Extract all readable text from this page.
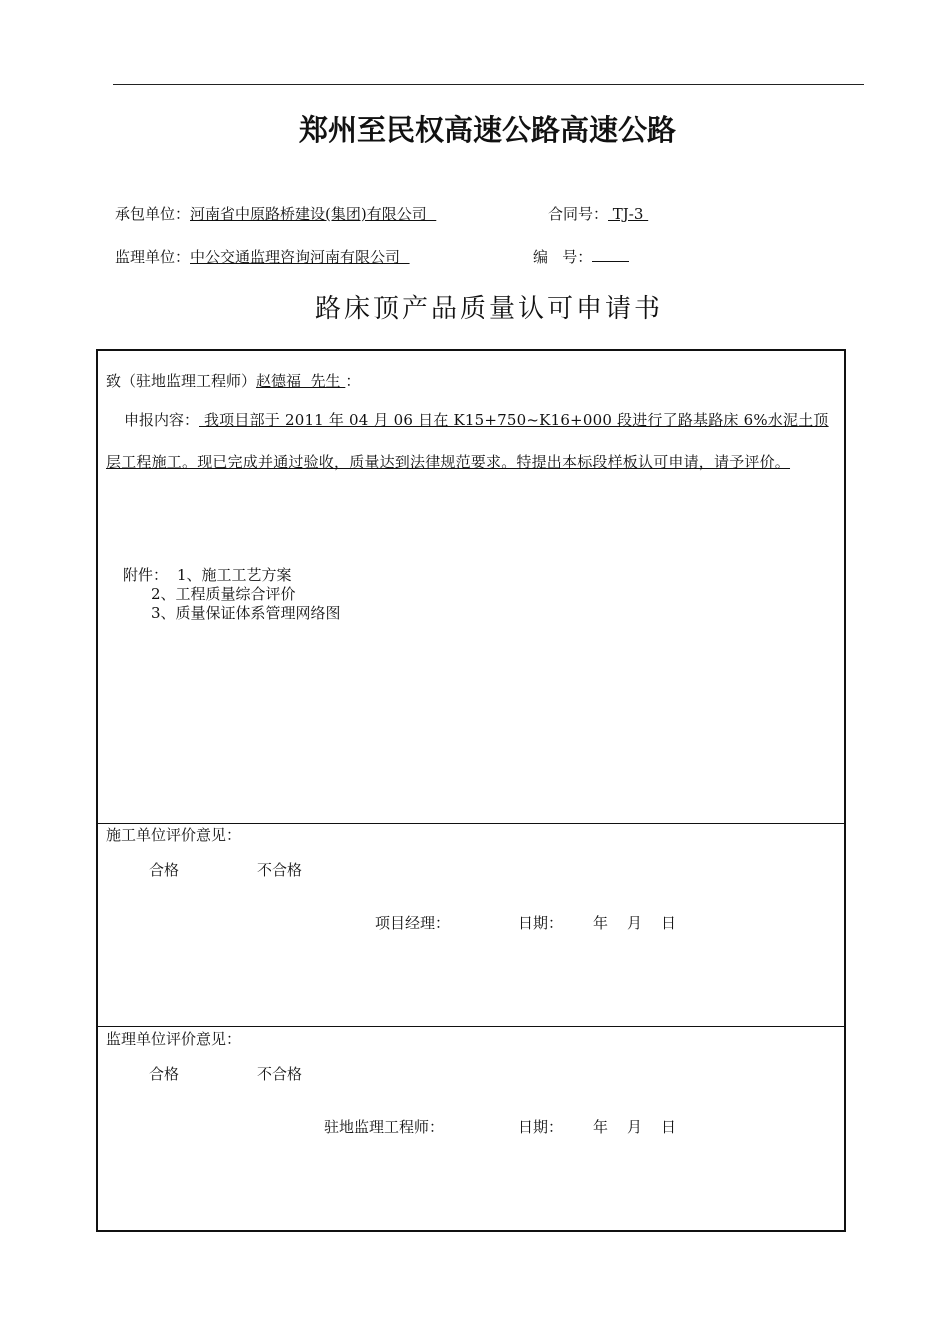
郑州至民权高速公路高速公路
承包单位：河南省中原路桥建设(集团)有限公司	合同号： TJ-3
监理单位：中公交通监理咨询河南有限公司	编   号：
路床顶产品质量认可申请书
致（驻地监理工程师）赵德福  先生 ：
申报内容： 我项目部于 2011 年 04 月 06 日在 K15+750~K16+000 段进行了路基路床 6%水泥土顶层工程施工。现已完成并通过验收，质量达到法律规范要求。特提出本标段样板认可申请，请予评价。
附件： 1、施工工艺方案
2、工程质量综合评价
3、质量保证体系管理网络图
施工单位评价意见：
合格	不合格
项目经理：	日期： 年 月 日
监理单位评价意见：
合格	不合格
驻地监理工程师：	日期： 年 月 日
